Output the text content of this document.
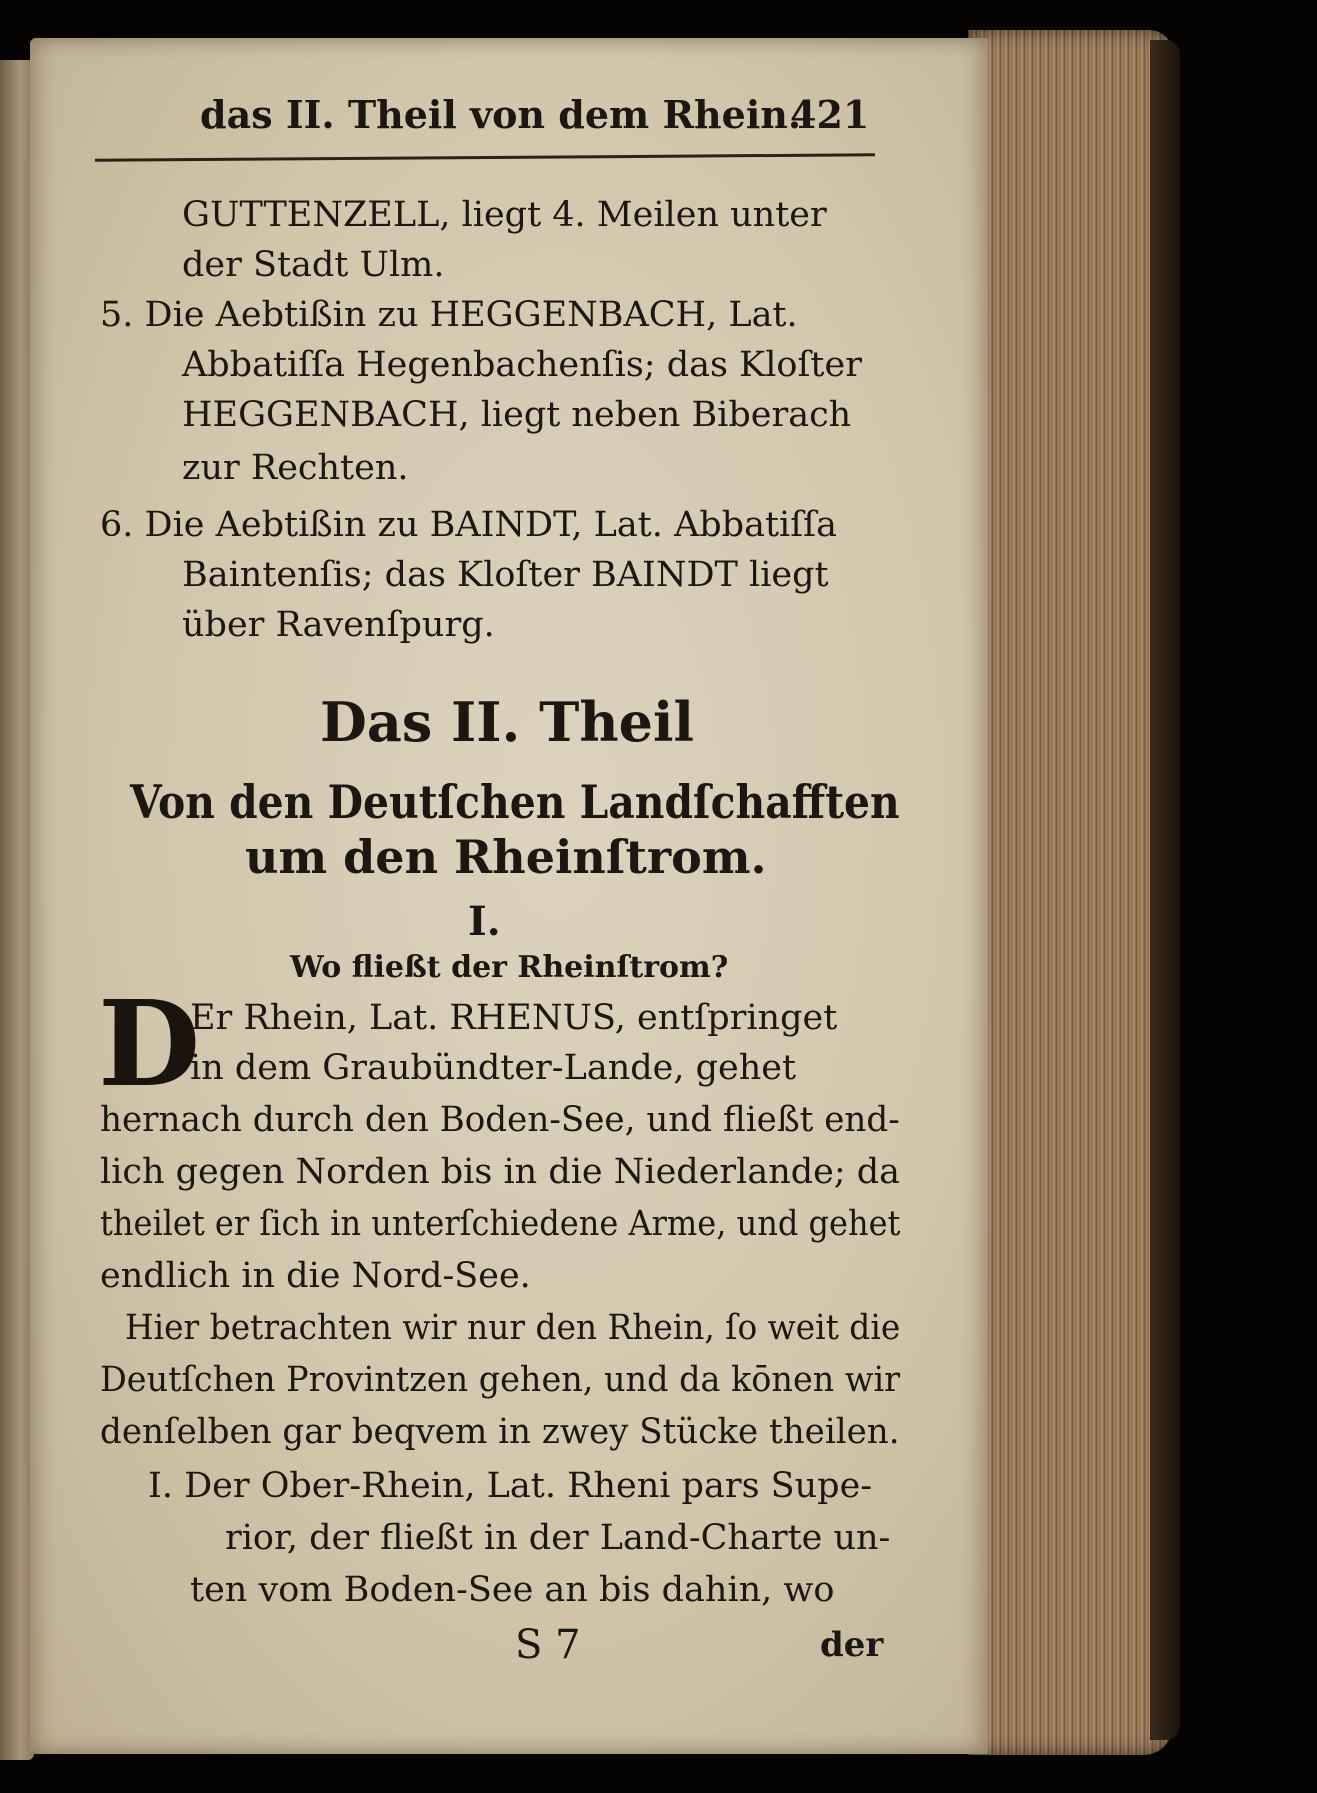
das II. Theil von dem Rhein.
421
GUTTENZELL, liegt 4. Meilen unter
der Stadt Ulm.
5. Die Aebtißin zu HEGGENBACH, Lat.
Abbatiſſa Hegenbachenſis; das Kloſter
HEGGENBACH, liegt neben Biberach
zur Rechten.
6. Die Aebtißin zu BAINDT, Lat. Abbatiſſa
Baintenſis; das Kloſter BAINDT liegt
über Ravenſpurg.
Das II. Theil
Von den Deutſchen Landſchafften
um den Rheinſtrom.
I.
Wo fließt der Rheinſtrom?
D
Er Rhein, Lat. RHENUS, entſpringet
in dem Graubündter-Lande, gehet
hernach durch den Boden-See, und fließt end-
lich gegen Norden bis in die Niederlande; da
theilet er ſich in unterſchiedene Arme, und gehet
endlich in die Nord-See.
Hier betrachten wir nur den Rhein, ſo weit die
Deutſchen Provintzen gehen, und da kōnen wir
denſelben gar beqvem in zwey Stücke theilen.
I. Der Ober-Rhein, Lat. Rheni pars Supe-
rior, der fließt in der Land-Charte un-
ten vom Boden-See an bis dahin, wo
S 7	der
